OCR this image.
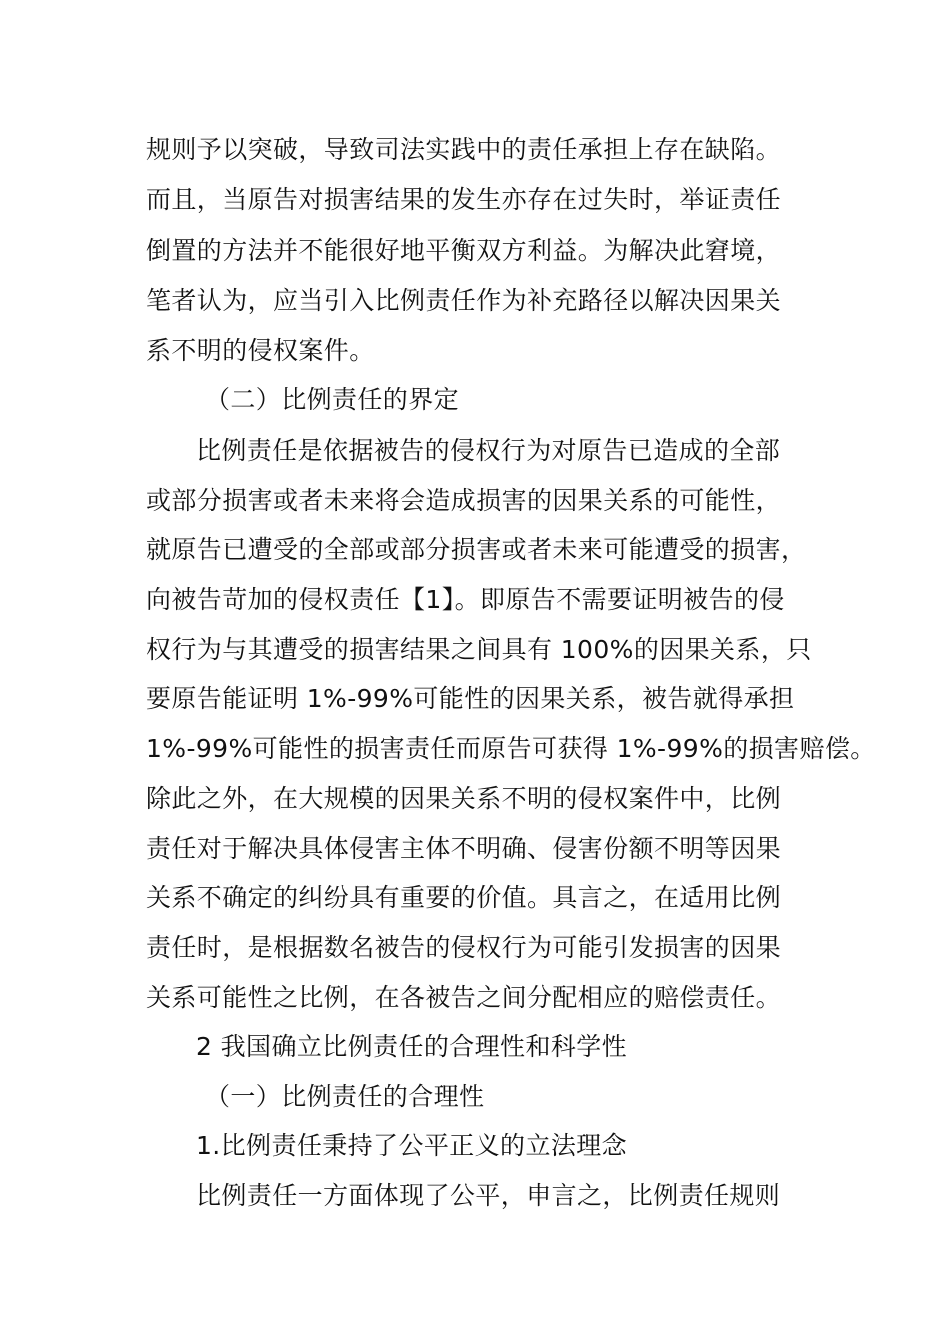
规则予以突破，导致司法实践中的责任承担上存在缺陷。
而且，当原告对损害结果的发生亦存在过失时，举证责任
倒置的方法并不能很好地平衡双方利益。为解决此窘境，
笔者认为，应当引入比例责任作为补充路径以解决因果关
系不明的侵权案件。
（二）比例责任的界定
比例责任是依据被告的侵权行为对原告已造成的全部
或部分损害或者未来将会造成损害的因果关系的可能性，
就原告已遭受的全部或部分损害或者未来可能遭受的损害，
向被告苛加的侵权责任【1】。即原告不需要证明被告的侵
权行为与其遭受的损害结果之间具有 100%的因果关系，只
要原告能证明 1%-99%可能性的因果关系，被告就得承担
1%-99%可能性的损害责任而原告可获得 1%-99%的损害赔偿。
除此之外，在大规模的因果关系不明的侵权案件中，比例
责任对于解决具体侵害主体不明确、侵害份额不明等因果
关系不确定的纠纷具有重要的价值。具言之，在适用比例
责任时，是根据数名被告的侵权行为可能引发损害的因果
关系可能性之比例，在各被告之间分配相应的赔偿责任。
2 我国确立比例责任的合理性和科学性
（一）比例责任的合理性
1.比例责任秉持了公平正义的立法理念
比例责任一方面体现了公平，申言之，比例责任规则
